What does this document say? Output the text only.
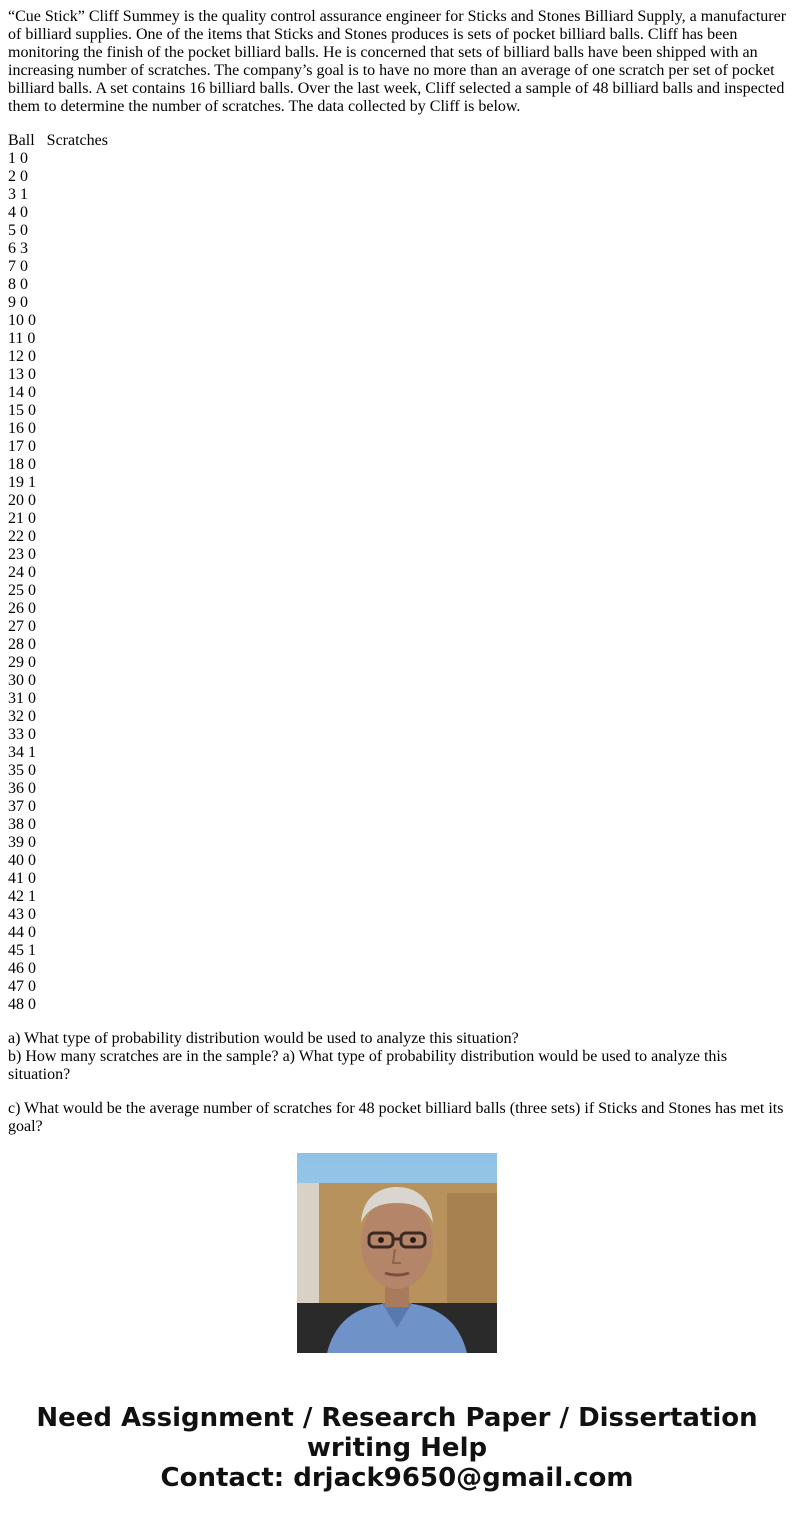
“Cue Stick” Cliff Summey is the quality control assurance engineer for Sticks and Stones Billiard Supply, a manufacturer of billiard supplies. One of the items that Sticks and Stones produces is sets of pocket billiard balls. Cliff has been monitoring the finish of the pocket billiard balls. He is concerned that sets of billiard balls have been shipped with an increasing number of scratches. The company’s goal is to have no more than an average of one scratch per set of pocket billiard balls. A set contains 16 billiard balls. Over the last week, Cliff selected a sample of 48 billiard balls and inspected them to determine the number of scratches. The data collected by Cliff is below.

Ball   Scratches
1 0
2 0
3 1
4 0
5 0
6 3
7 0
8 0
9 0
10 0
11 0
12 0
13 0
14 0
15 0
16 0
17 0
18 0
19 1
20 0
21 0
22 0
23 0
24 0
25 0
26 0
27 0
28 0
29 0
30 0
31 0
32 0
33 0
34 1
35 0
36 0
37 0
38 0
39 0
40 0
41 0
42 1
43 0
44 0
45 1
46 0
47 0
48 0

a) What type of probability distribution would be used to analyze this situation?

b) How many scratches are in the sample? a) What type of probability distribution would be used to analyze this situation?

c) What would be the average number of scratches for 48 pocket billiard balls (three sets) if Sticks and Stones has met its goal?

Need Assignment / Research Paper / Dissertation
writing Help
Contact: drjack9650@gmail.com
